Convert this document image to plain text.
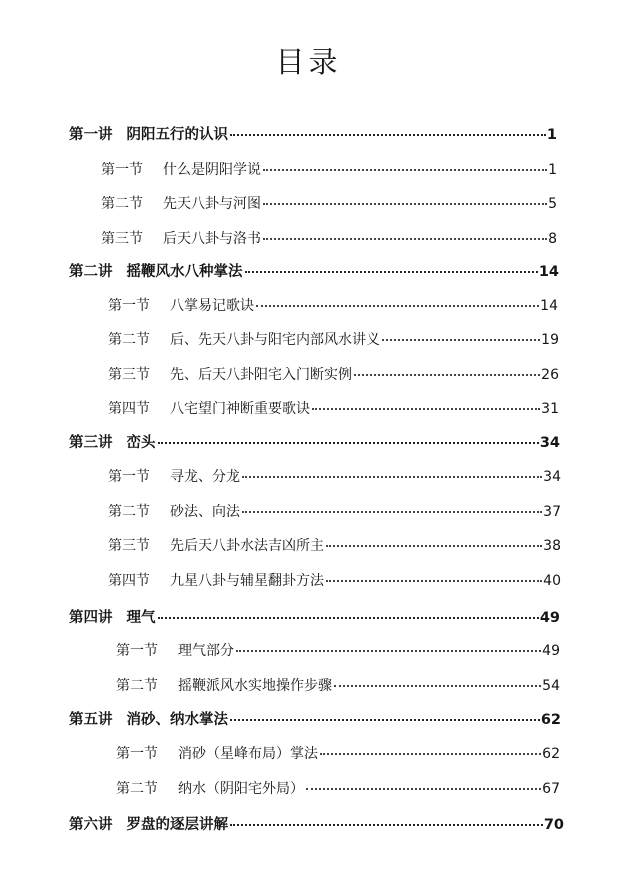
目录
第一讲 阴阳五行的认识	1
第一节 什么是阴阳学说	1
第二节 先天八卦与河图	5
第三节 后天八卦与洛书	8
第二讲 摇鞭风水八种掌法	14
第一节 八掌易记歌诀	14
第二节 后、先天八卦与阳宅内部风水讲义	19
第三节 先、后天八卦阳宅入门断实例	26
第四节 八宅望门神断重要歌诀	31
第三讲 峦头	34
第一节 寻龙、分龙	34
第二节 砂法、向法	37
第三节 先后天八卦水法吉凶所主	38
第四节 九星八卦与辅星翻卦方法	40
第四讲 理气	49
第一节 理气部分	49
第二节 摇鞭派风水实地操作步骤	54
第五讲 消砂、纳水掌法	62
第一节 消砂（星峰布局）掌法	62
第二节 纳水（阴阳宅外局）	67
第六讲 罗盘的逐层讲解	70
